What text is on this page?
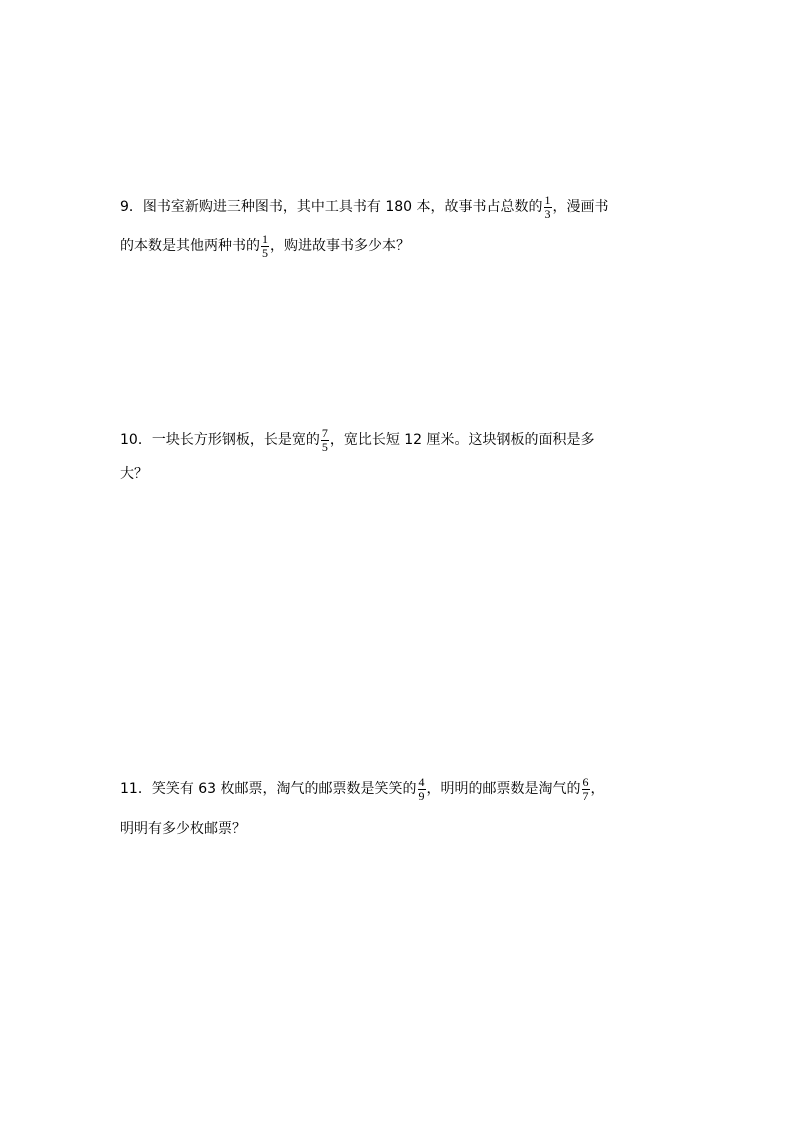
9．图书室新购进三种图书，其中工具书有 180 本，故事书占总数的 $\frac{1}{3}$ ，漫画书
的本数是其他两种书的 $\frac{1}{5}$ ，购进故事书多少本？
10．一块长方形钢板，长是宽的 $\frac{7}{5}$ ，宽比长短 12 厘米。这块钢板的面积是多
大？
11．笑笑有 63 枚邮票，淘气的邮票数是笑笑的 $\frac{4}{9}$ ，明明的邮票数是淘气的 $\frac{6}{7}$ ，
明明有多少枚邮票？
